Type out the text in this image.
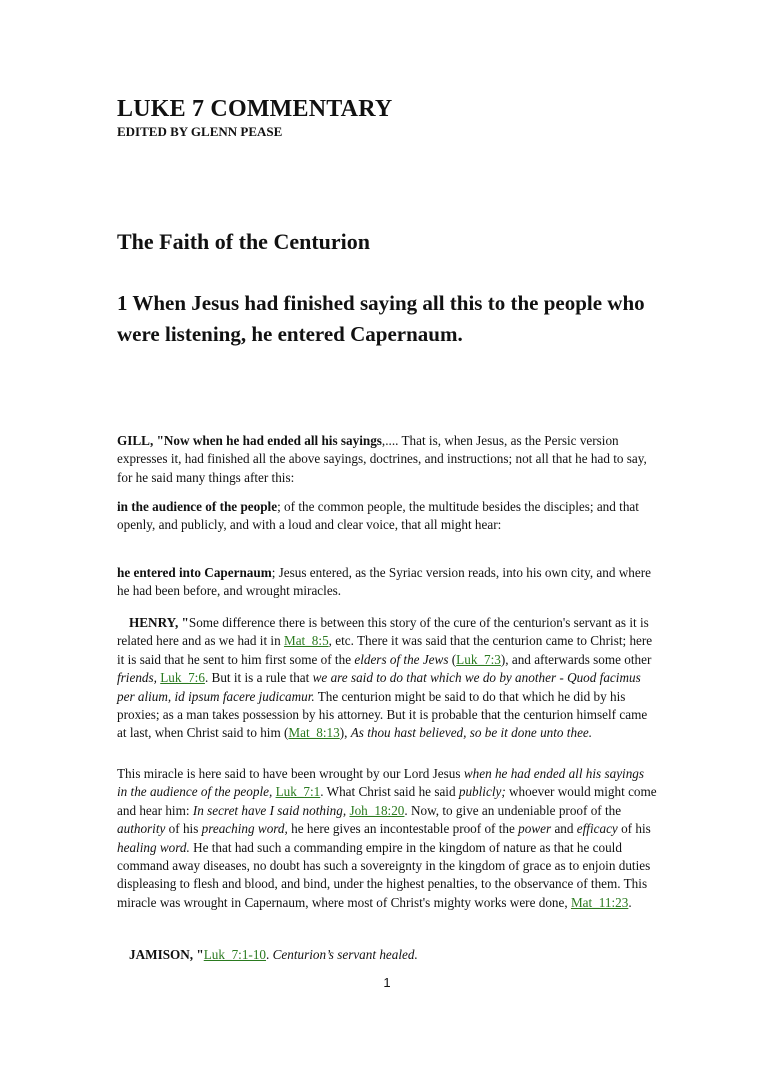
LUKE 7 COMMENTARY
EDITED BY GLENN PEASE
The Faith of the Centurion

1 When Jesus had finished saying all this to the people who were listening, he entered Capernaum.

GILL, "Now when he had ended all his sayings,.... That is, when Jesus, as the Persic version expresses it, had finished all the above sayings, doctrines, and instructions; not all that he had to say, for he said many things after this:

in the audience of the people; of the common people, the multitude besides the disciples; and that openly, and publicly, and with a loud and clear voice, that all might hear:

he entered into Capernaum; Jesus entered, as the Syriac version reads, into his own city, and where he had been before, and wrought miracles.

HENRY, "Some difference there is between this story of the cure of the centurion's servant as it is related here and as we had it in Mat_8:5, etc. There it was said that the centurion came to Christ; here it is said that he sent to him first some of the elders of the Jews (Luk_7:3), and afterwards some other friends, Luk_7:6. But it is a rule that we are said to do that which we do by another - Quod facimus per alium, id ipsum facere judicamur. The centurion might be said to do that which he did by his proxies; as a man takes possession by his attorney. But it is probable that the centurion himself came at last, when Christ said to him (Mat_8:13), As thou hast believed, so be it done unto thee.

This miracle is here said to have been wrought by our Lord Jesus when he had ended all his sayings in the audience of the people, Luk_7:1. What Christ said he said publicly; whoever would might come and hear him: In secret have I said nothing, Joh_18:20. Now, to give an undeniable proof of the authority of his preaching word, he here gives an incontestable proof of the power and efficacy of his healing word. He that had such a commanding empire in the kingdom of nature as that he could command away diseases, no doubt has such a sovereignty in the kingdom of grace as to enjoin duties displeasing to flesh and blood, and bind, under the highest penalties, to the observance of them. This miracle was wrought in Capernaum, where most of Christ's mighty works were done, Mat_11:23.

JAMISON, "Luk_7:1-10. Centurion’s servant healed.

1
